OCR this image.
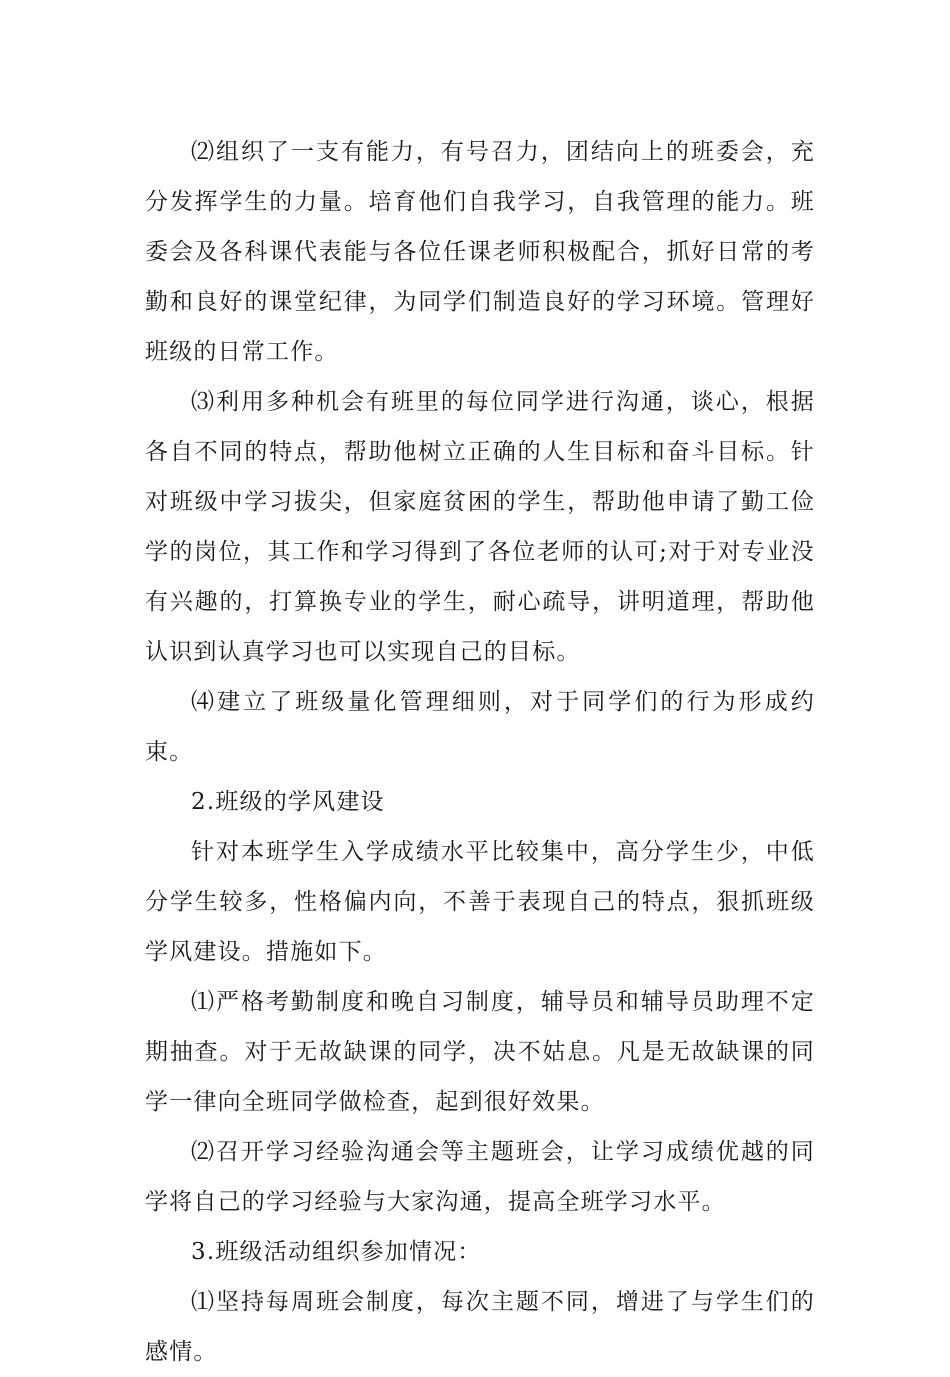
⑵组织了一支有能力，有号召力，团结向上的班委会，充分发挥学生的力量。培育他们自我学习，自我管理的能力。班委会及各科课代表能与各位任课老师积极配合，抓好日常的考勤和良好的课堂纪律，为同学们制造良好的学习环境。管理好班级的日常工作。

⑶利用多种机会有班里的每位同学进行沟通，谈心，根据各自不同的特点，帮助他树立正确的人生目标和奋斗目标。针对班级中学习拔尖，但家庭贫困的学生，帮助他申请了勤工俭学的岗位，其工作和学习得到了各位老师的认可;对于对专业没有兴趣的，打算换专业的学生，耐心疏导，讲明道理，帮助他认识到认真学习也可以实现自己的目标。

⑷建立了班级量化管理细则，对于同学们的行为形成约束。

2.班级的学风建设

针对本班学生入学成绩水平比较集中，高分学生少，中低分学生较多，性格偏内向，不善于表现自己的特点，狠抓班级学风建设。措施如下。

⑴严格考勤制度和晚自习制度，辅导员和辅导员助理不定期抽查。对于无故缺课的同学，决不姑息。凡是无故缺课的同学一律向全班同学做检查，起到很好效果。

⑵召开学习经验沟通会等主题班会，让学习成绩优越的同学将自己的学习经验与大家沟通，提高全班学习水平。

3.班级活动组织参加情况：

⑴坚持每周班会制度，每次主题不同，增进了与学生们的感情。
